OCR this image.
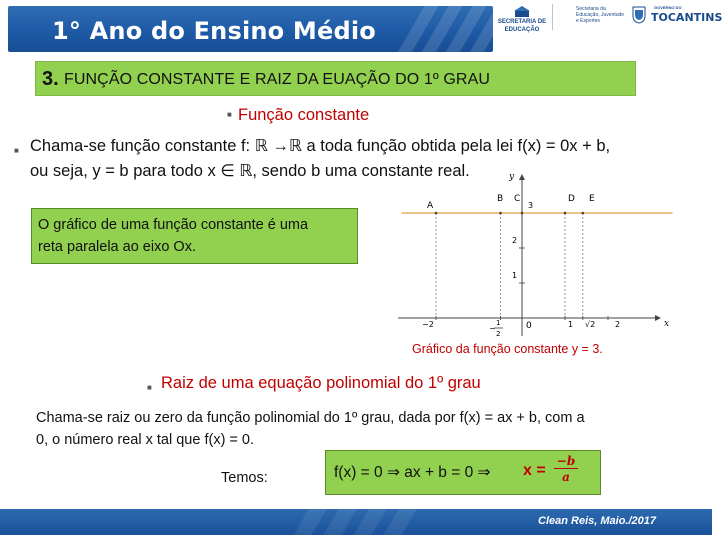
1° Ano do Ensino Médio	SECRETARIA DE EDUCAÇÃO
Secretaria da Educação, Juventude e Esportes
GOVERNO DO
TOCANTINS
3. FUNÇÃO CONSTANTE E RAIZ DA EUAÇÃO DO 1º GRAU
■ Função constante
■ Chama-se função constante f: ℝ →ℝ a toda função obtida pela lei f(x) = 0x + b,
ou seja, y = b para todo x ∈ ℝ, sendo b uma constante real.
O gráfico de uma função constante é uma
reta paralela ao eixo Ox.
x
y
0
A
B C	D E
1
2
3
−2	−
1
2
1 √2 2
Gráfico da função constante y = 3.
■ Raiz de uma equação polinomial do 1º grau
Chama-se raiz ou zero da função polinomial do 1º grau, dada por f(x) = ax + b, com a
0, o número real x tal que f(x) = 0.
Temos:	f(x) = 0 ⇒ ax + b = 0 ⇒ $x = \frac{-b}{a}$
Clean Reis, Maio./2017
